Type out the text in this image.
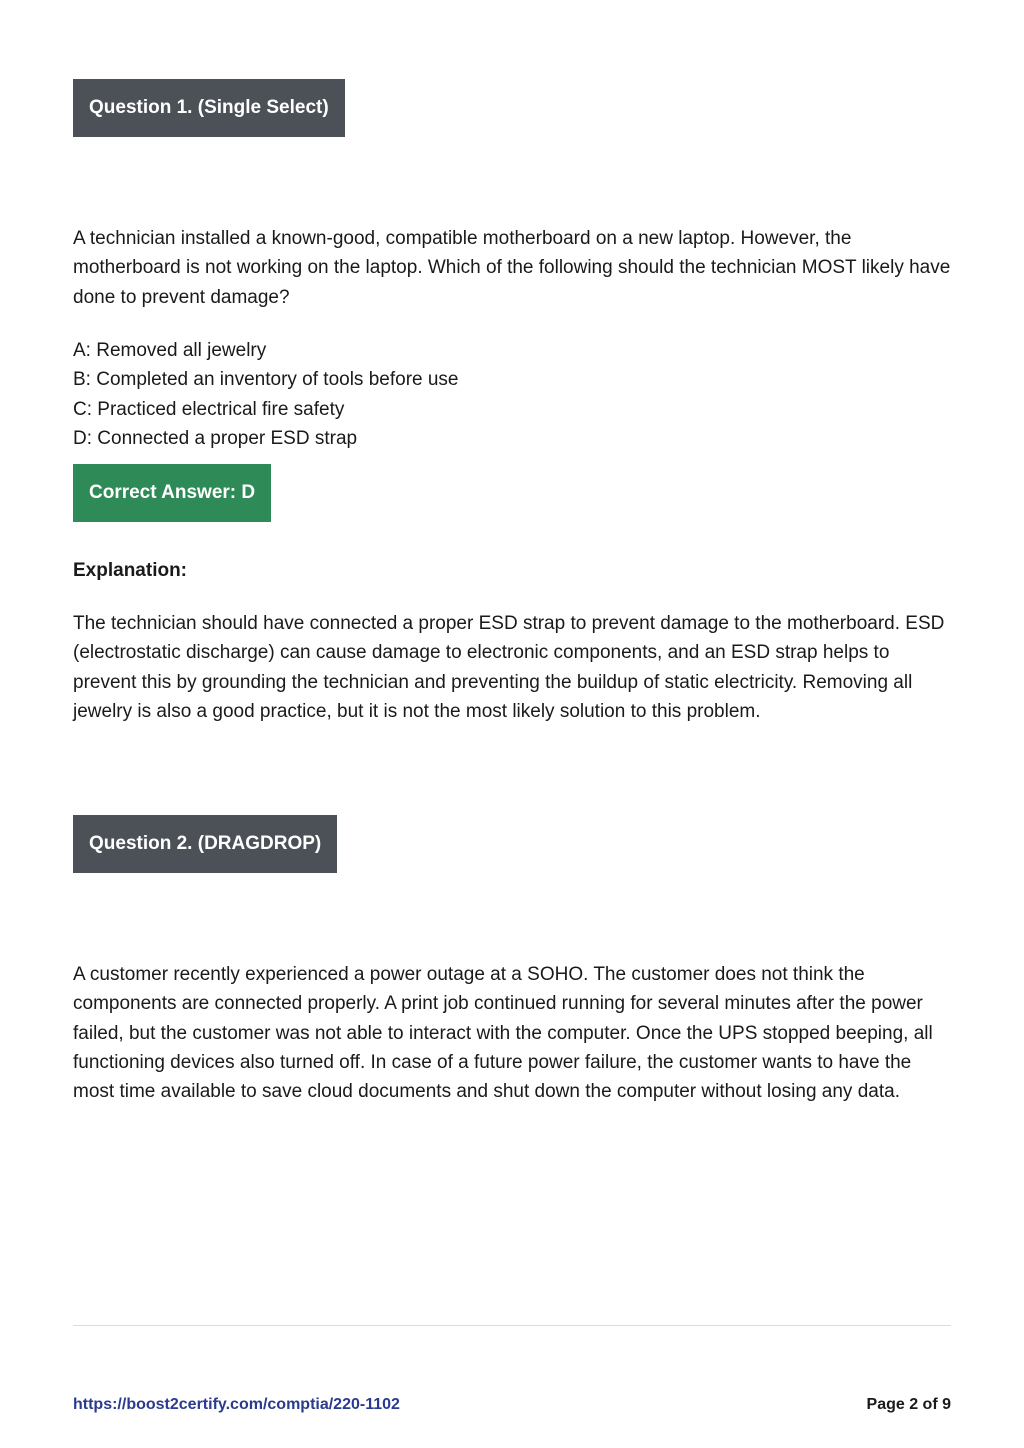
Question 1. (Single Select)

A technician installed a known-good, compatible motherboard on a new laptop. However, the motherboard is not working on the laptop. Which of the following should the technician MOST likely have done to prevent damage?

A: Removed all jewelry
B: Completed an inventory of tools before use
C: Practiced electrical fire safety
D: Connected a proper ESD strap
Correct Answer: D
Explanation:

The technician should have connected a proper ESD strap to prevent damage to the motherboard. ESD (electrostatic discharge) can cause damage to electronic components, and an ESD strap helps to prevent this by grounding the technician and preventing the buildup of static electricity. Removing all jewelry is also a good practice, but it is not the most likely solution to this problem.

Question 2. (DRAGDROP)

A customer recently experienced a power outage at a SOHO. The customer does not think the components are connected properly. A print job continued running for several minutes after the power failed, but the customer was not able to interact with the computer. Once the UPS stopped beeping, all functioning devices also turned off. In case of a future power failure, the customer wants to have the most time available to save cloud documents and shut down the computer without losing any data.

https://boost2certify.com/comptia/220-1102	Page 2 of 9
